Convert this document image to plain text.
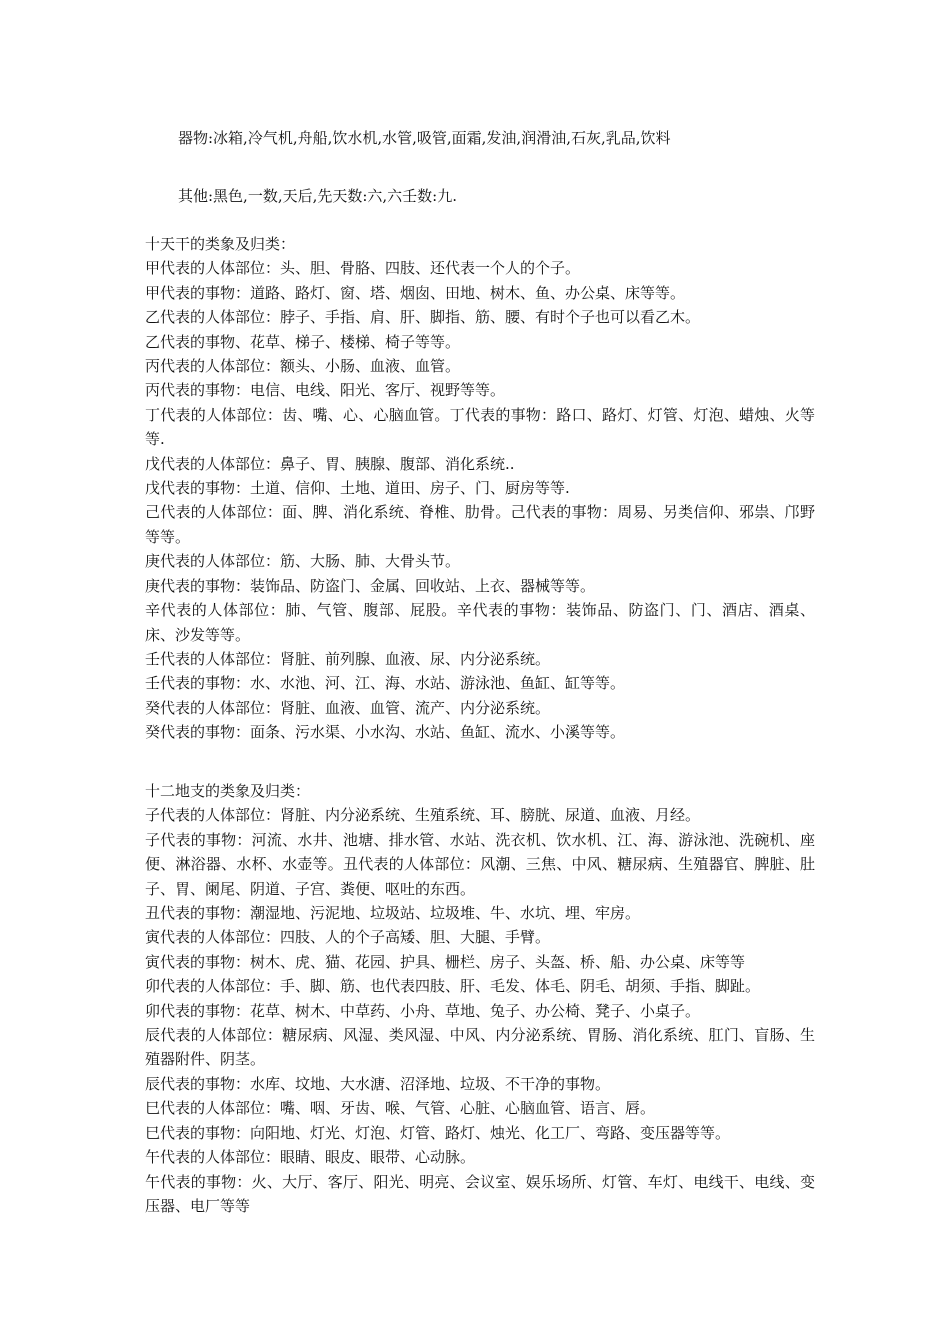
器物:冰箱,冷气机,舟船,饮水机,水管,吸管,面霜,发油,润滑油,石灰,乳品,饮料
其他:黑色,一数,天后,先天数:六,六壬数:九.

十天干的类象及归类：

甲代表的人体部位：头、胆、骨胳、四肢、还代表一个人的个子。

甲代表的事物：道路、路灯、窗、塔、烟囱、田地、树木、鱼、办公桌、床等等。

乙代表的人体部位：脖子、手指、肩、肝、脚指、筋、腰、有时个子也可以看乙木。

乙代表的事物、花草、梯子、楼梯、椅子等等。

丙代表的人体部位：额头、小肠、血液、血管。

丙代表的事物：电信、电线、阳光、客厅、视野等等。

丁代表的人体部位：齿、嘴、心、心脑血管。丁代表的事物：路口、路灯、灯管、灯泡、蜡烛、火等等.

戊代表的人体部位：鼻子、胃、胰腺、腹部、消化系统..

戊代表的事物：土道、信仰、土地、道田、房子、门、厨房等等.

己代表的人体部位：面、脾、消化系统、脊椎、肋骨。己代表的事物：周易、另类信仰、邪祟、邝野等等。

庚代表的人体部位：筋、大肠、肺、大骨头节。

庚代表的事物：装饰品、防盗门、金属、回收站、上衣、器械等等。

辛代表的人体部位：肺、气管、腹部、屁股。辛代表的事物：装饰品、防盗门、门、酒店、酒桌、床、沙发等等。

壬代表的人体部位：肾脏、前列腺、血液、尿、内分泌系统。

壬代表的事物：水、水池、河、江、海、水站、游泳池、鱼缸、缸等等。

癸代表的人体部位：肾脏、血液、血管、流产、内分泌系统。

癸代表的事物：面条、污水渠、小水沟、水站、鱼缸、流水、小溪等等。

十二地支的类象及归类：

子代表的人体部位：肾脏、内分泌系统、生殖系统、耳、膀胱、尿道、血液、月经。

子代表的事物：河流、水井、池塘、排水管、水站、洗衣机、饮水机、江、海、游泳池、洗碗机、座便、淋浴器、水杯、水壶等。丑代表的人体部位：风潮、三焦、中风、糖尿病、生殖器官、脾脏、肚子、胃、阑尾、阴道、子宫、粪便、呕吐的东西。

丑代表的事物：潮湿地、污泥地、垃圾站、垃圾堆、牛、水坑、埋、牢房。

寅代表的人体部位：四肢、人的个子高矮、胆、大腿、手臂。

寅代表的事物：树木、虎、猫、花园、护具、栅栏、房子、头盔、桥、船、办公桌、床等等

卯代表的人体部位：手、脚、筋、也代表四肢、肝、毛发、体毛、阴毛、胡须、手指、脚趾。

卯代表的事物：花草、树木、中草药、小舟、草地、兔子、办公椅、凳子、小桌子。

辰代表的人体部位：糖尿病、风湿、类风湿、中风、内分泌系统、胃肠、消化系统、肛门、盲肠、生殖器附件、阴茎。

辰代表的事物：水库、坟地、大水溏、沼泽地、垃圾、不干净的事物。

巳代表的人体部位：嘴、咽、牙齿、喉、气管、心脏、心脑血管、语言、唇。

巳代表的事物：向阳地、灯光、灯泡、灯管、路灯、烛光、化工厂、弯路、变压器等等。

午代表的人体部位：眼睛、眼皮、眼带、心动脉。

午代表的事物：火、大厅、客厅、阳光、明亮、会议室、娱乐场所、灯管、车灯、电线干、电线、变压器、电厂等等
